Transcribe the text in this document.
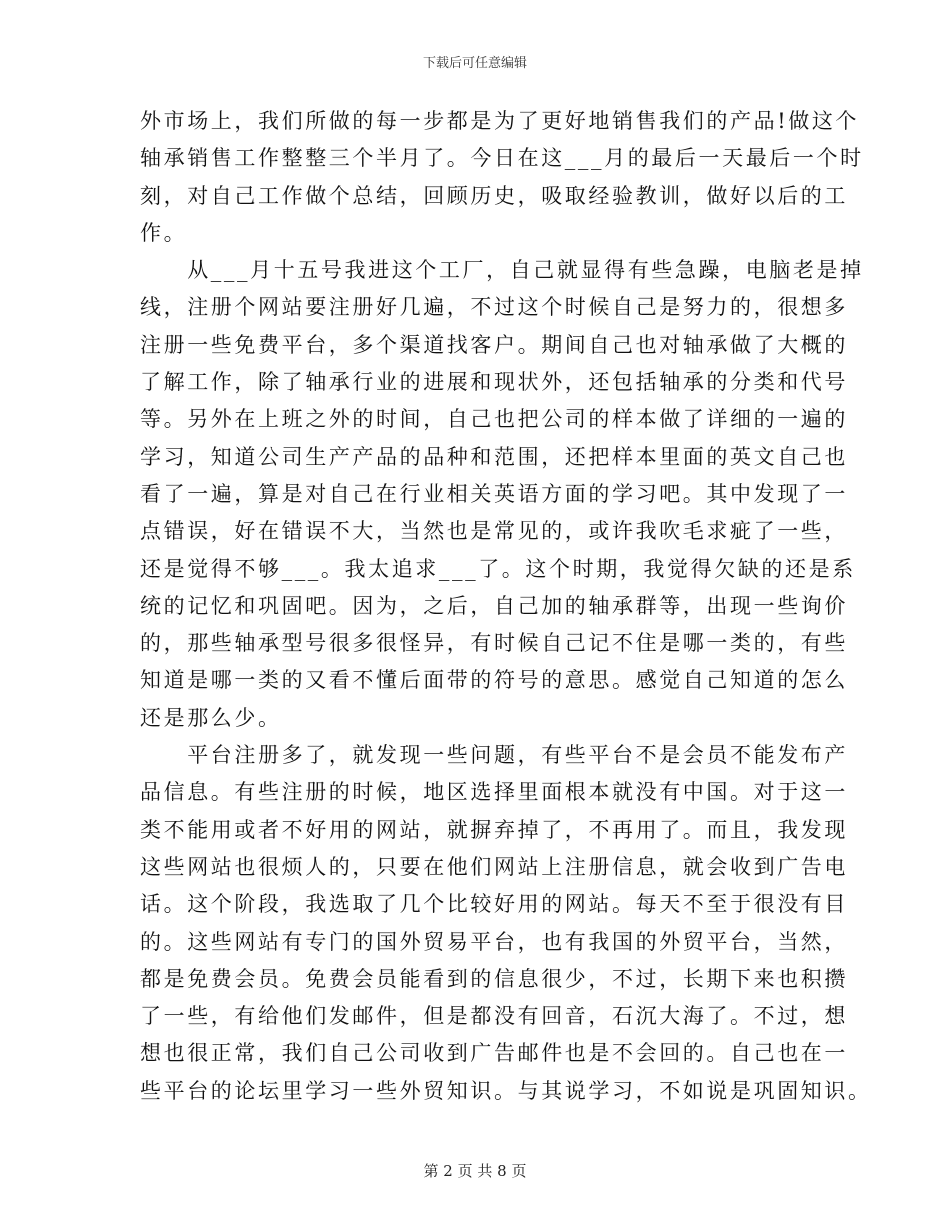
下载后可任意编辑
外市场上，我们所做的每一步都是为了更好地销售我们的产品!做这个
轴承销售工作整整三个半月了。今日在这___月的最后一天最后一个时
刻，对自己工作做个总结，回顾历史，吸取经验教训，做好以后的工
作。
　　从___月十五号我进这个工厂，自己就显得有些急躁，电脑老是掉
线，注册个网站要注册好几遍，不过这个时候自己是努力的，很想多
注册一些免费平台，多个渠道找客户。期间自己也对轴承做了大概的
了解工作，除了轴承行业的进展和现状外，还包括轴承的分类和代号
等。另外在上班之外的时间，自己也把公司的样本做了详细的一遍的
学习，知道公司生产产品的品种和范围，还把样本里面的英文自己也
看了一遍，算是对自己在行业相关英语方面的学习吧。其中发现了一
点错误，好在错误不大，当然也是常见的，或许我吹毛求疵了一些，
还是觉得不够___。我太追求___了。这个时期，我觉得欠缺的还是系
统的记忆和巩固吧。因为，之后，自己加的轴承群等，出现一些询价
的，那些轴承型号很多很怪异，有时候自己记不住是哪一类的，有些
知道是哪一类的又看不懂后面带的符号的意思。感觉自己知道的怎么
还是那么少。
　　平台注册多了，就发现一些问题，有些平台不是会员不能发布产
品信息。有些注册的时候，地区选择里面根本就没有中国。对于这一
类不能用或者不好用的网站，就摒弃掉了，不再用了。而且，我发现
这些网站也很烦人的，只要在他们网站上注册信息，就会收到广告电
话。这个阶段，我选取了几个比较好用的网站。每天不至于很没有目
的。这些网站有专门的国外贸易平台，也有我国的外贸平台，当然，
都是免费会员。免费会员能看到的信息很少，不过，长期下来也积攒
了一些，有给他们发邮件，但是都没有回音，石沉大海了。不过，想
想也很正常，我们自己公司收到广告邮件也是不会回的。自己也在一
些平台的论坛里学习一些外贸知识。与其说学习，不如说是巩固知识。
第 2 页 共 8 页
